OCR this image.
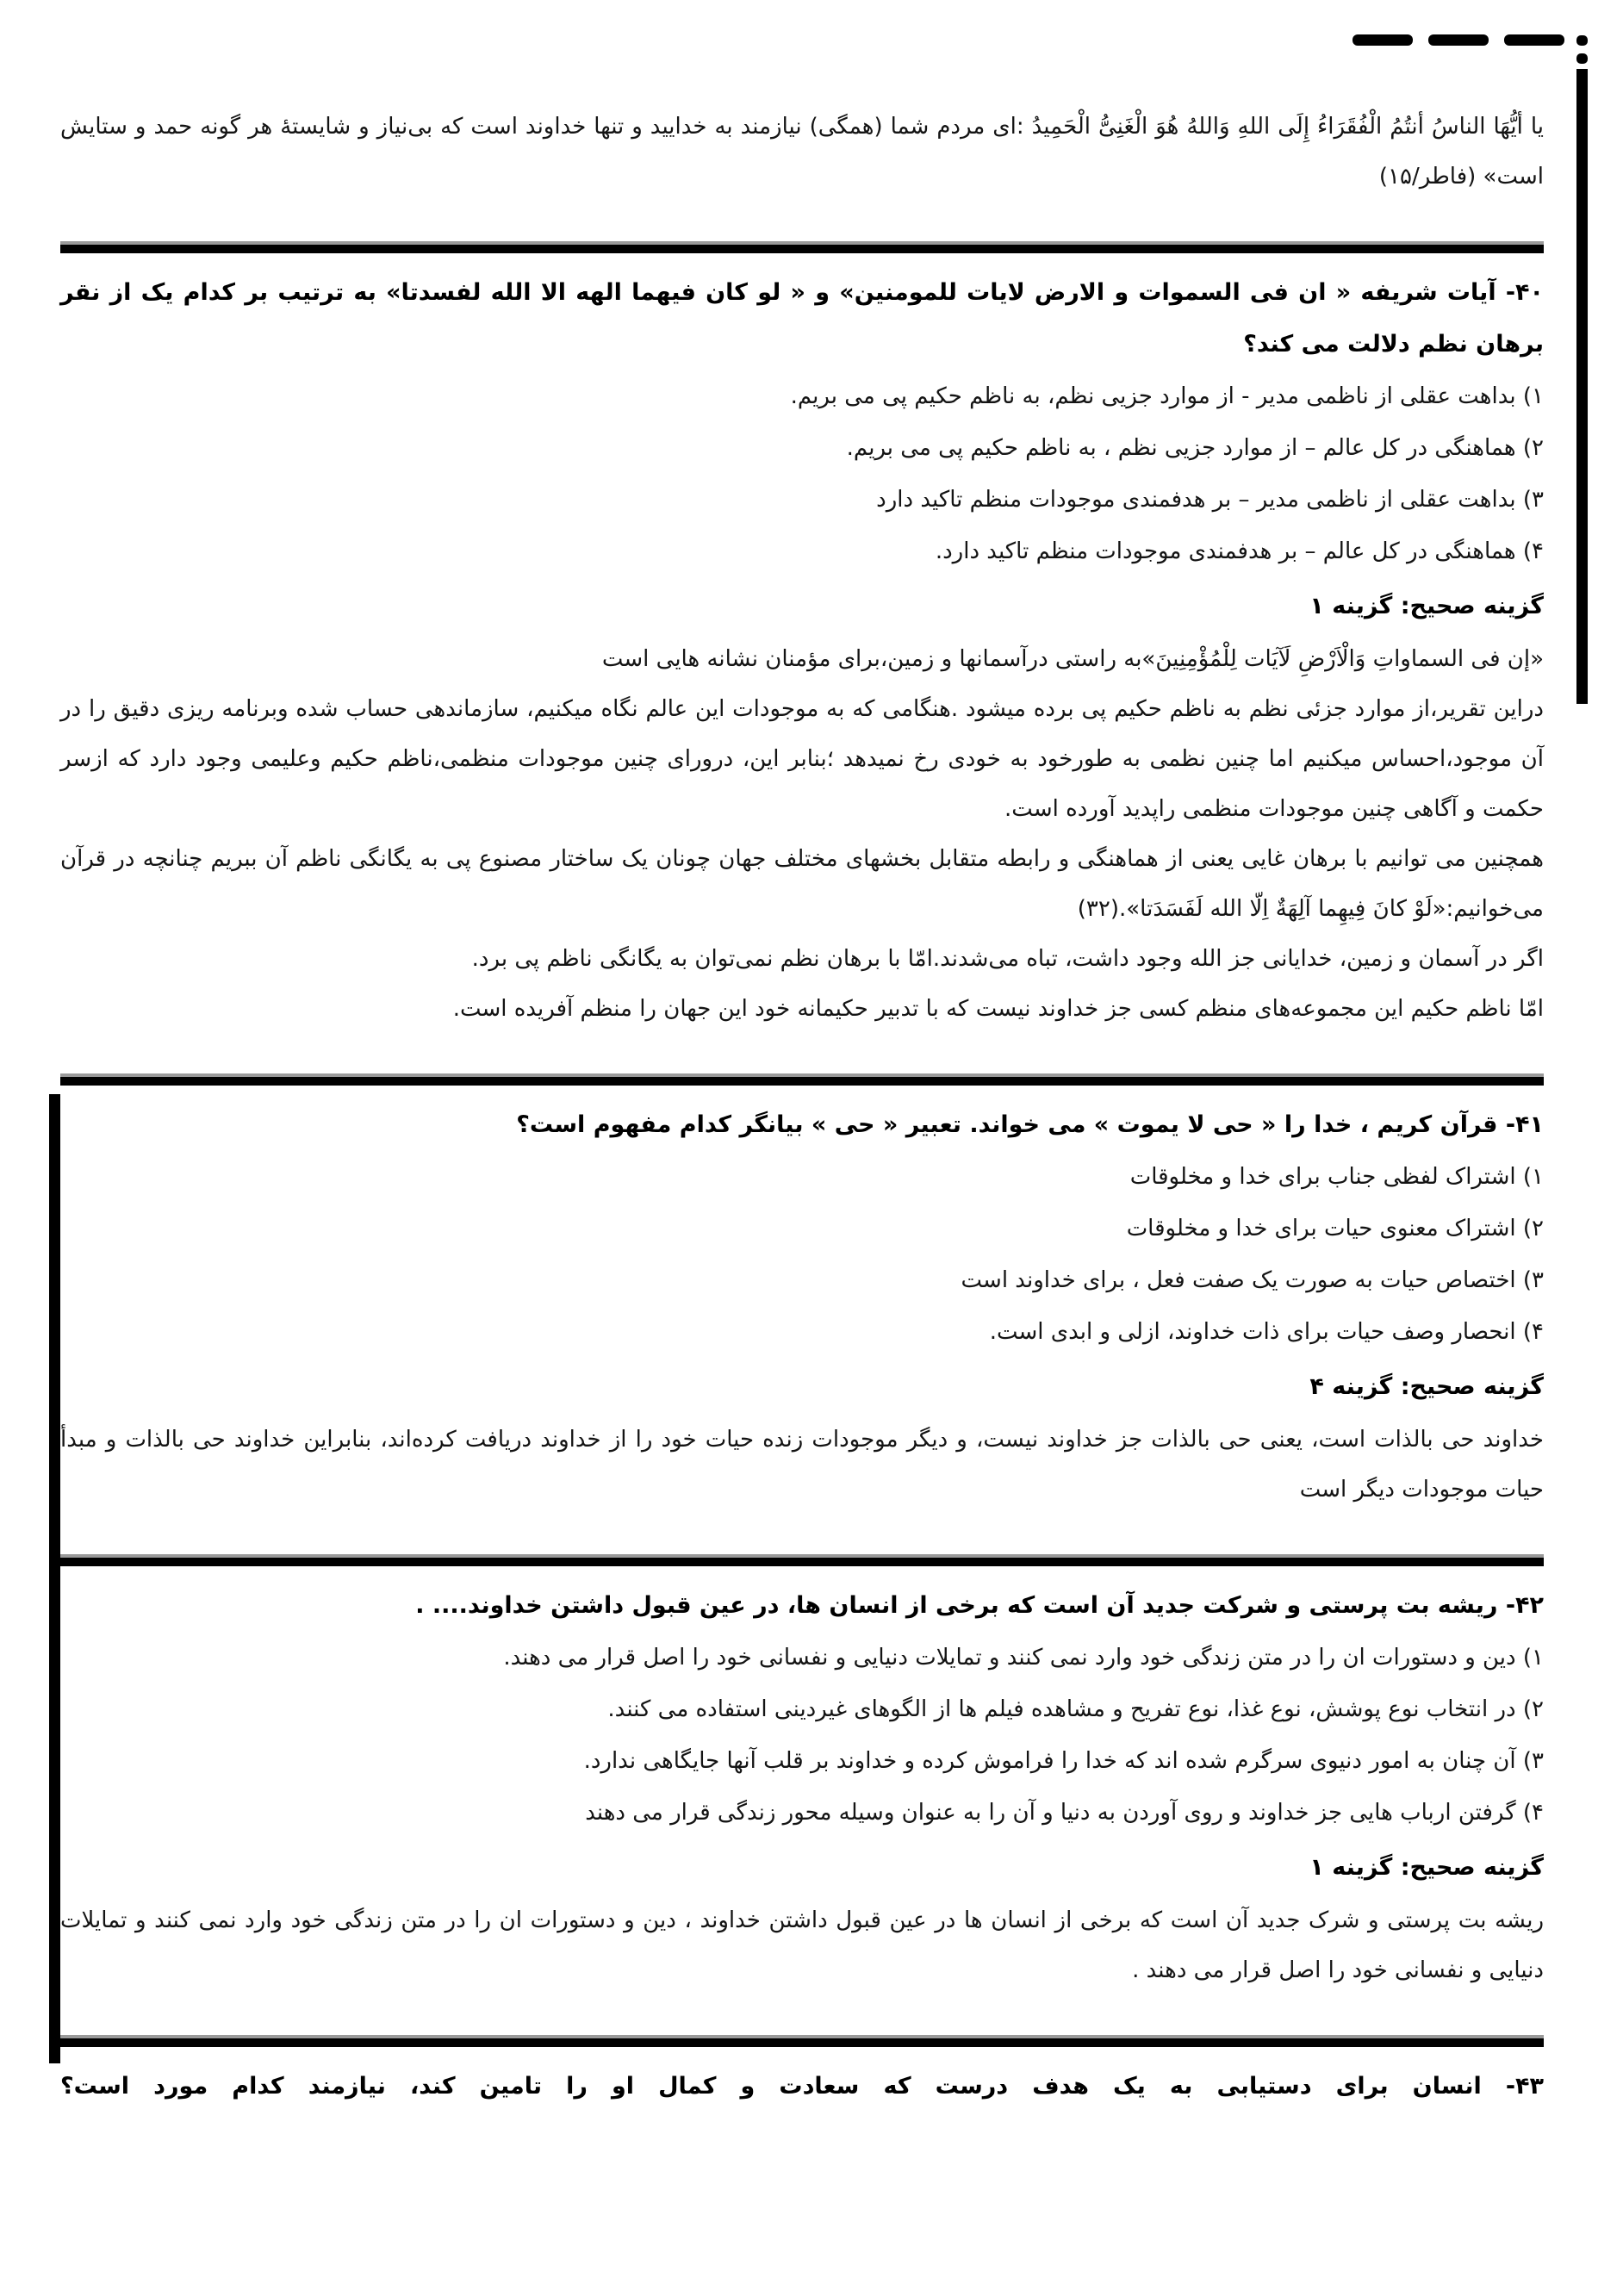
یا أیُّهَا الناسُ أنتُمُ الْفُقَرَاءُ إِلَی اللهِ وَاللهُ هُوَ الْغَنِیُّ الْحَمِیدُ :ای مردم شما (همگی) نیازمند به خدایید و تنها خداوند است که بی‌نیاز و شایستهٔ هر گونه حمد و ستایش است» (فاطر/۱۵)

۴۰- آیات شریفه « ان فی السموات و الارض لایات للمومنین» و « لو کان فیهما الهه الا الله لفسدتا» به ترتیب بر کدام یک از نقر برهان نظم دلالت می کند؟

۱) بداهت عقلی از ناظمی مدیر - از موارد جزیی نظم، به ناظم حکیم پی می بریم.

۲) هماهنگی در کل عالم – از موارد جزیی نظم ، به ناظم حکیم پی می بریم.

۳) بداهت عقلی از ناظمی مدیر – بر هدفمندی موجودات منظم تاکید دارد

۴) هماهنگی در کل عالم – بر هدفمندی موجودات منظم تاکید دارد.

گزینه صحیح: گزینه ۱

«إن فی السماواتِ وَالْاَرْضِ لَآیَات لِلْمُؤْمِنِینَ»به راستی درآسمانها و زمین،برای مؤمنان نشانه هایی است

دراین تقریر،از موارد جزئی نظم به ناظم حکیم پی برده میشود .هنگامی که به موجودات این عالم نگاه میکنیم، سازماندهی حساب شده وبرنامه ریزی دقیق را در آن موجود،احساس میکنیم اما چنین نظمی به طورخود به خودی رخ نمیدهد ؛بنابر این، درورای چنین موجودات منظمی،ناظم حکیم وعلیمی وجود دارد که ازسر حکمت و آگاهی چنین موجودات منظمی راپدید آورده است.

همچنین می توانیم با برهان غایی یعنی از هماهنگی و رابطه متقابل بخشهای مختلف جهان چونان یک ساختار مصنوع پی به یگانگی ناظم آن ببریم چنانچه در قرآن می‌خوانیم:«لَوْ کانَ فِیهِما آلِهَةٌ اِلّا الله لَفَسَدَتا».(۳۲)

اگر در آسمان و زمین، خدایانی جز الله وجود داشت، تباه می‌شدند.امّا با برهان نظم نمی‌توان به یگانگی ناظم پی برد.

امّا ناظم حکیم این مجموعه‌های منظم کسی جز خداوند نیست که با تدبیر حکیمانه خود این جهان را منظم آفریده است.

۴۱- قرآن کریم ، خدا را « حی لا یموت » می خواند. تعبیر « حی » بیانگر کدام مفهوم است؟

۱) اشتراک لفظی جناب برای خدا و مخلوقات

۲) اشتراک معنوی حیات برای خدا و مخلوقات

۳) اختصاص حیات به صورت یک صفت فعل ، برای خداوند است

۴) انحصار وصف حیات برای ذات خداوند، ازلی و ابدی است.

گزینه صحیح: گزینه ۴

خداوند حی بالذات است، یعنی حی بالذات جز خداوند نیست، و دیگر موجودات زنده حیات خود را از خداوند دریافت کرده‌اند، بنابراین خداوند حی بالذات و مبدأ حیات موجودات دیگر است

۴۲- ریشه بت پرستی و شرکت جدید آن است که برخی از انسان ها، در عین قبول داشتن خداوند.... .

۱) دین و دستورات ان را در متن زندگی خود وارد نمی کنند و تمایلات دنیایی و نفسانی خود را اصل قرار می دهند.

۲) در انتخاب نوع پوشش، نوع غذا، نوع تفریح و مشاهده فیلم ها از الگوهای غیردینی استفاده می کنند.

۳) آن چنان به امور دنیوی سرگرم شده اند که خدا را فراموش کرده و خداوند بر قلب آنها جایگاهی ندارد.

۴) گرفتن ارباب هایی جز خداوند و روی آوردن به دنیا و آن را به عنوان وسیله محور زندگی قرار می دهند

گزینه صحیح: گزینه ۱

ریشه بت پرستی و شرک جدید آن است که برخی از انسان ها در عین قبول داشتن خداوند ، دین و دستورات ان را در متن زندگی خود وارد نمی کنند و تمایلات دنیایی و نفسانی خود را اصل قرار می دهند .

۴۳- انسان برای دستیابی به یک هدف درست که سعادت و کمال او را تامین کند، نیازمند کدام مورد است؟
